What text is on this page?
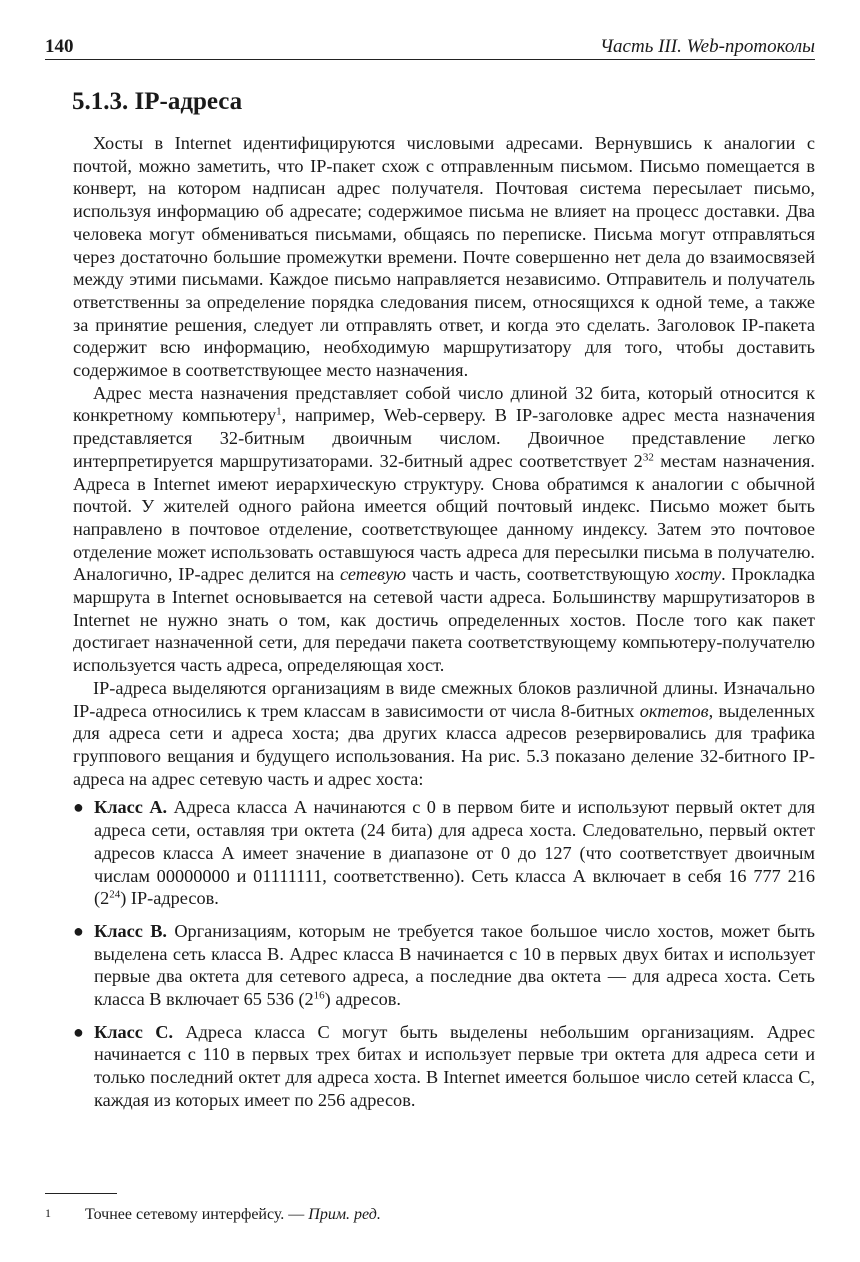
140	Часть III. Web-протоколы
5.1.3. IP-адреса

Хосты в Internet идентифицируются числовыми адресами. Вернувшись к аналогии с почтой, можно заметить, что IP-пакет схож с отправленным письмом. Письмо помещается в конверт, на котором надписан адрес получателя. Почтовая система пересылает письмо, используя информацию об адресате; содержимое письма не влияет на процесс доставки. Два человека могут обмениваться письмами, общаясь по переписке. Письма могут отправляться через достаточно большие промежутки времени. Почте совершенно нет дела до взаимосвязей между этими письмами. Каждое письмо направляется независимо. Отправитель и получатель ответственны за определение порядка следования писем, относящихся к одной теме, а также за принятие решения, следует ли отправлять ответ, и когда это сделать. Заголовок IP-пакета содержит всю информацию, необходимую маршрутизатору для того, чтобы доставить содержимое в соответствующее место назначения.

Адрес места назначения представляет собой число длиной 32 бита, который относится к конкретному компьютеру$^1$, например, Web-серверу. В IP-заголовке адрес места назначения представляется 32-битным двоичным числом. Двоичное представление легко интерпретируется маршрутизаторами. 32-битный адрес соответствует $2^{32}$ местам назначения. Адреса в Internet имеют иерархическую структуру. Снова обратимся к аналогии с обычной почтой. У жителей одного района имеется общий почтовый индекс. Письмо может быть направлено в почтовое отделение, соответствующее данному индексу. Затем это почтовое отделение может использовать оставшуюся часть адреса для пересылки письма в получателю. Аналогично, IP-адрес делится на сетевую часть и часть, соответствующую хосту. Прокладка маршрута в Internet основывается на сетевой части адреса. Большинству маршрутизаторов в Internet не нужно знать о том, как достичь определенных хостов. После того как пакет достигает назначенной сети, для передачи пакета соответствующему компьютеру-получателю используется часть адреса, определяющая хост.

IP-адреса выделяются организациям в виде смежных блоков различной длины. Изначально IP-адреса относились к трем классам в зависимости от числа 8-битных октетов, выделенных для адреса сети и адреса хоста; два других класса адресов резервировались для трафика группового вещания и будущего использования. На рис. 5.3 показано деление 32-битного IP-адреса на адрес сетевую часть и адрес хоста:

● Класс А. Адреса класса А начинаются с 0 в первом бите и используют первый октет для адреса сети, оставляя три октета (24 бита) для адреса хоста. Следовательно, первый октет адресов класса А имеет значение в диапазоне от 0 до 127 (что соответствует двоичным числам 00000000 и 01111111, соответственно). Сеть класса А включает в себя 16 777 216 $(2^{24})$ IP-адресов.
● Класс В. Организациям, которым не требуется такое большое число хостов, может быть выделена сеть класса В. Адрес класса В начинается с 10 в первых двух битах и использует первые два октета для сетевого адреса, а последние два октета — для адреса хоста. Сеть класса В включает 65 536 $(2^{16})$ адресов.
● Класс С. Адреса класса С могут быть выделены небольшим организациям. Адрес начинается с 110 в первых трех битах и использует первые три октета для адреса сети и только последний октет для адреса хоста. В Internet имеется большое число сетей класса С, каждая из которых имеет по 256 адресов.
1 Точнее сетевому интерфейсу. — Прим. ред.
